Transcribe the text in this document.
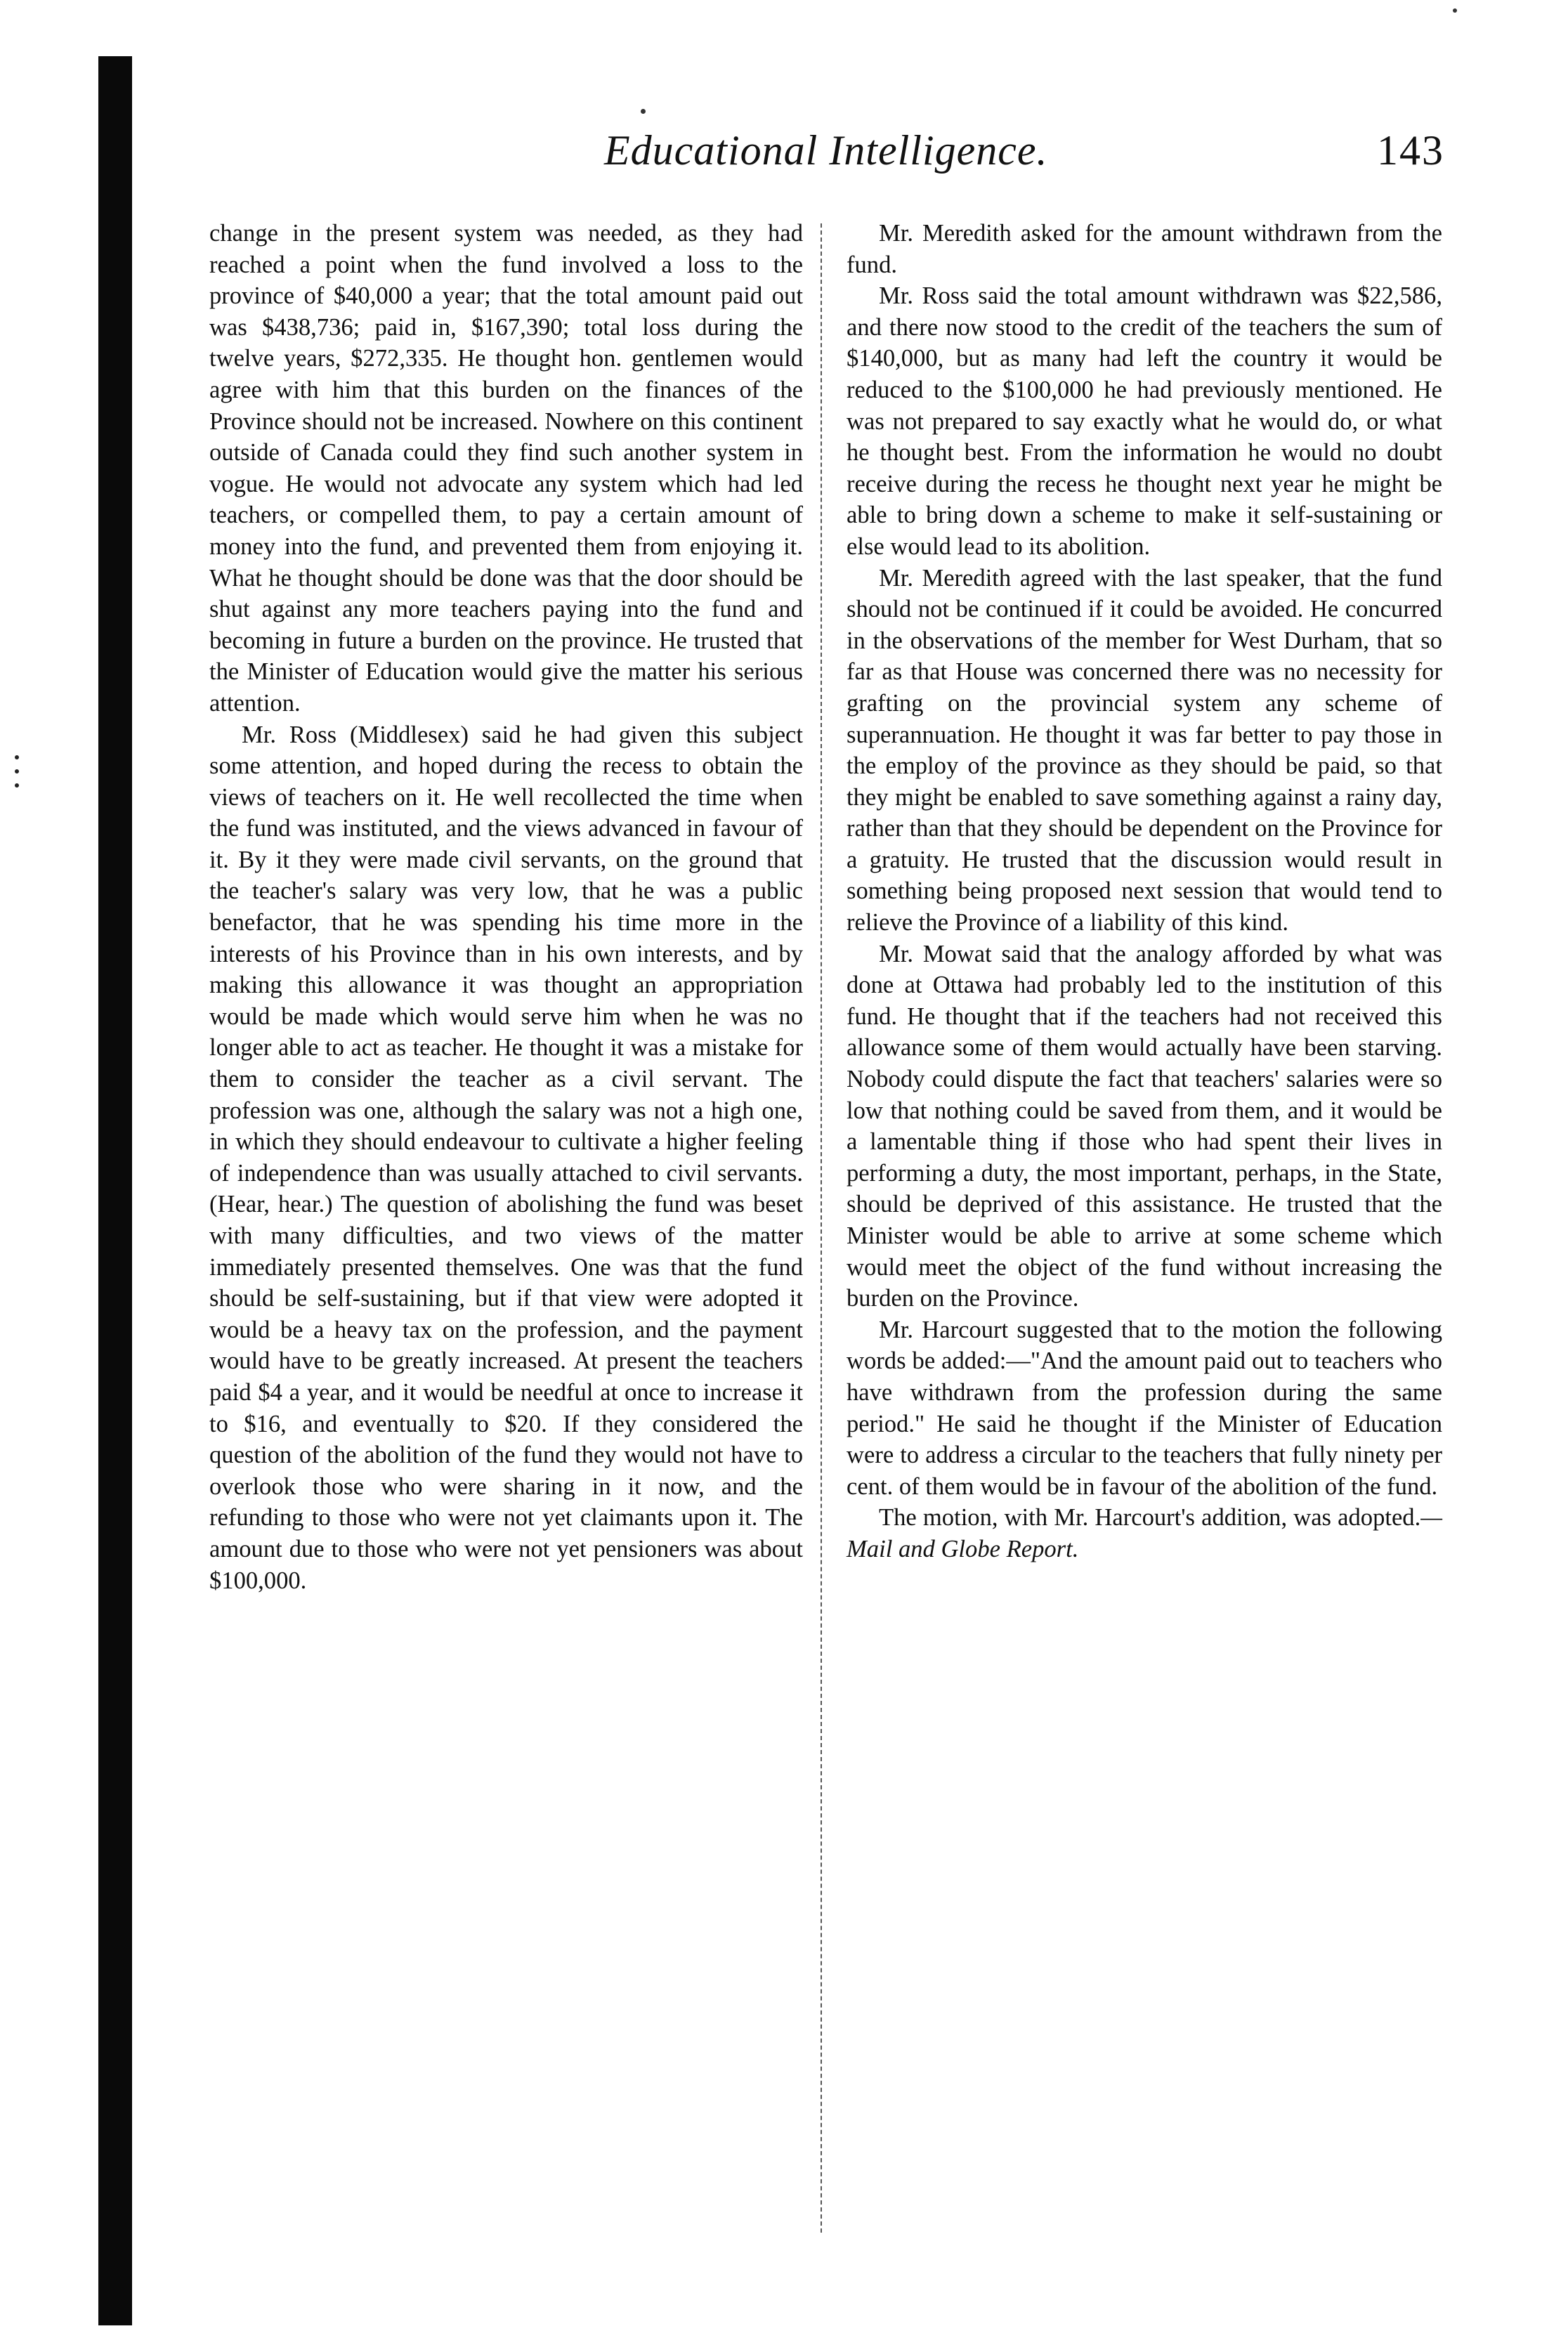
Educational Intelligence.	143

change in the present system was needed, as they had reached a point when the fund involved a loss to the province of $40,000 a year; that the total amount paid out was $438,736; paid in, $167,390; total loss during the twelve years, $272,335. He thought hon. gentlemen would agree with him that this burden on the finances of the Province should not be increased. Nowhere on this continent outside of Canada could they find such another system in vogue. He would not advocate any system which had led teachers, or compelled them, to pay a certain amount of money into the fund, and prevented them from enjoying it. What he thought should be done was that the door should be shut against any more teachers paying into the fund and becoming in future a burden on the province. He trusted that the Minister of Education would give the matter his serious attention.

Mr. Ross (Middlesex) said he had given this subject some attention, and hoped during the recess to obtain the views of teachers on it. He well recollected the time when the fund was instituted, and the views advanced in favour of it. By it they were made civil servants, on the ground that the teacher's salary was very low, that he was a public benefactor, that he was spending his time more in the interests of his Province than in his own interests, and by making this allowance it was thought an appropriation would be made which would serve him when he was no longer able to act as teacher. He thought it was a mistake for them to consider the teacher as a civil servant. The profession was one, although the salary was not a high one, in which they should endeavour to cultivate a higher feeling of independence than was usually attached to civil servants. (Hear, hear.) The question of abolishing the fund was beset with many difficulties, and two views of the matter immediately presented themselves. One was that the fund should be self-sustaining, but if that view were adopted it would be a heavy tax on the profession, and the payment would have to be greatly increased. At present the teachers paid $4 a year, and it would be needful at once to increase it to $16, and eventually to $20. If they considered the question of the abolition of the fund they would not have to overlook those who were sharing in it now, and the refunding to those who were not yet claimants upon it. The amount due to those who were not yet pensioners was about $100,000.

Mr. Meredith asked for the amount withdrawn from the fund.

Mr. Ross said the total amount withdrawn was $22,586, and there now stood to the credit of the teachers the sum of $140,000, but as many had left the country it would be reduced to the $100,000 he had previously mentioned. He was not prepared to say exactly what he would do, or what he thought best. From the information he would no doubt receive during the recess he thought next year he might be able to bring down a scheme to make it self-sustaining or else would lead to its abolition.

Mr. Meredith agreed with the last speaker, that the fund should not be continued if it could be avoided. He concurred in the observations of the member for West Durham, that so far as that House was concerned there was no necessity for grafting on the provincial system any scheme of superannuation. He thought it was far better to pay those in the employ of the province as they should be paid, so that they might be enabled to save something against a rainy day, rather than that they should be dependent on the Province for a gratuity. He trusted that the discussion would result in something being proposed next session that would tend to relieve the Province of a liability of this kind.

Mr. Mowat said that the analogy afforded by what was done at Ottawa had probably led to the institution of this fund. He thought that if the teachers had not received this allowance some of them would actually have been starving. Nobody could dispute the fact that teachers' salaries were so low that nothing could be saved from them, and it would be a lamentable thing if those who had spent their lives in performing a duty, the most important, perhaps, in the State, should be deprived of this assistance. He trusted that the Minister would be able to arrive at some scheme which would meet the object of the fund without increasing the burden on the Province.

Mr. Harcourt suggested that to the motion the following words be added:—"And the amount paid out to teachers who have withdrawn from the profession during the same period." He said he thought if the Minister of Education were to address a circular to the teachers that fully ninety per cent. of them would be in favour of the abolition of the fund.

The motion, with Mr. Harcourt's addition, was adopted.—Mail and Globe Report.
